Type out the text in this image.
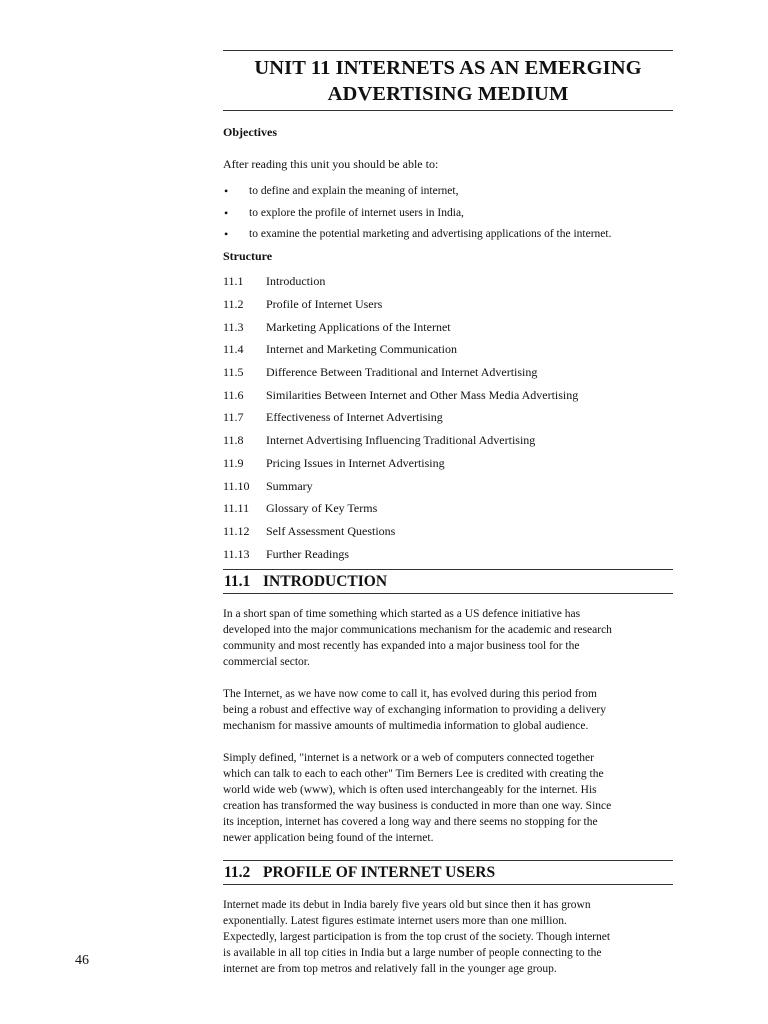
UNIT 11 INTERNETS AS AN EMERGING
ADVERTISING MEDIUM
Objectives
After reading this unit you should be able to:
• to define and explain the meaning of internet,
• to explore the profile of internet users in India,
• to examine the potential marketing and advertising applications of the internet.
Structure
11.1	Introduction
11.2	Profile of Internet Users
11.3	Marketing Applications of the Internet
11.4	Internet and Marketing Communication
11.5	Difference Between Traditional and Internet Advertising
11.6	Similarities Between Internet and Other Mass Media Advertising
11.7	Effectiveness of Internet Advertising
11.8	Internet Advertising Influencing Traditional Advertising
11.9	Pricing Issues in Internet Advertising
11.10	Summary
11.11	Glossary of Key Terms
11.12	Self Assessment Questions
11.13	Further Readings
11.1 INTRODUCTION

In a short span of time something which started as a US defence initiative has
developed into the major communications mechanism for the academic and research
community and most recently has expanded into a major business tool for the
commercial sector.

The Internet, as we have now come to call it, has evolved during this period from
being a robust and effective way of exchanging information to providing a delivery
mechanism for massive amounts of multimedia information to global audience.

Simply defined, "internet is a network or a web of computers connected together
which can talk to each to each other" Tim Berners Lee is credited with creating the
world wide web (www), which is often used interchangeably for the internet. His
creation has transformed the way business is conducted in more than one way. Since
its inception, internet has covered a long way and there seems no stopping for the
newer application being found of the internet.

11.2 PROFILE OF INTERNET USERS

Internet made its debut in India barely five years old but since then it has grown
exponentially. Latest figures estimate internet users more than one million.
Expectedly, largest participation is from the top crust of the society. Though internet
is available in all top cities in India but a large number of people connecting to the
internet are from top metros and relatively fall in the younger age group.

46
